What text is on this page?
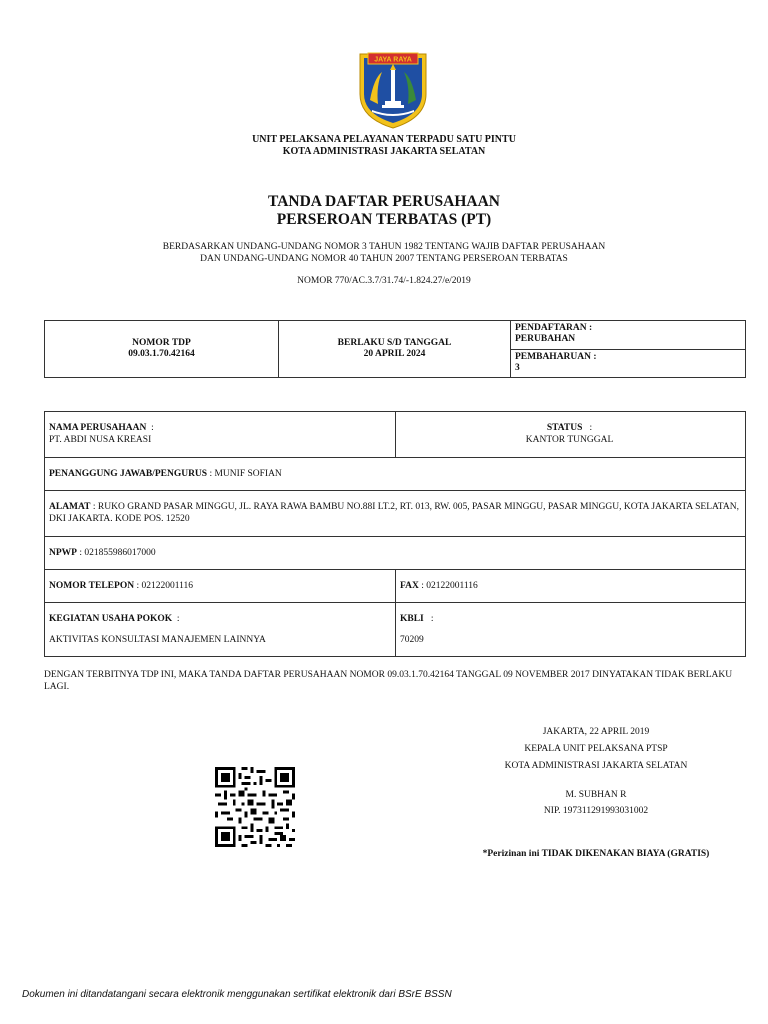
JAYA RAYA
UNIT PELAKSANA PELAYANAN TERPADU SATU PINTU
KOTA ADMINISTRASI JAKARTA SELATAN
TANDA DAFTAR PERUSAHAAN
PERSEROAN TERBATAS (PT)
BERDASARKAN UNDANG-UNDANG NOMOR 3 TAHUN 1982 TENTANG WAJIB DAFTAR PERUSAHAAN
DAN UNDANG-UNDANG NOMOR 40 TAHUN 2007 TENTANG PERSEROAN TERBATAS
NOMOR 770/AC.3.7/31.74/-1.824.27/e/2019
NOMOR TDP
09.03.1.70.42164
BERLAKU S/D TANGGAL
20 APRIL 2024
PENDAFTARAN :
PERUBAHAN
PEMBAHARUAN :
3
NAMA PERUSAHAAN :
PT. ABDI NUSA KREASI
STATUS :
KANTOR TUNGGAL
PENANGGUNG JAWAB/PENGURUS : MUNIF SOFIAN
ALAMAT : RUKO GRAND PASAR MINGGU, JL. RAYA RAWA BAMBU NO.88I LT.2, RT. 013, RW. 005, PASAR MINGGU, PASAR MINGGU, KOTA JAKARTA SELATAN, DKI JAKARTA. KODE POS. 12520
NPWP : 021855986017000
NOMOR TELEPON : 02122001116	FAX : 02122001116
KEGIATAN USAHA POKOK :
AKTIVITAS KONSULTASI MANAJEMEN LAINNYA
KBLI :
70209
DENGAN TERBITNYA TDP INI, MAKA TANDA DAFTAR PERUSAHAAN NOMOR 09.03.1.70.42164 TANGGAL 09 NOVEMBER 2017 DINYATAKAN TIDAK BERLAKU LAGI.
JAKARTA, 22 APRIL 2019
KEPALA UNIT PELAKSANA PTSP
KOTA ADMINISTRASI JAKARTA SELATAN
M. SUBHAN R
NIP. 197311291993031002
*Perizinan ini TIDAK DIKENAKAN BIAYA (GRATIS)
Dokumen ini ditandatangani secara elektronik menggunakan sertifikat elektronik dari BSrE BSSN
